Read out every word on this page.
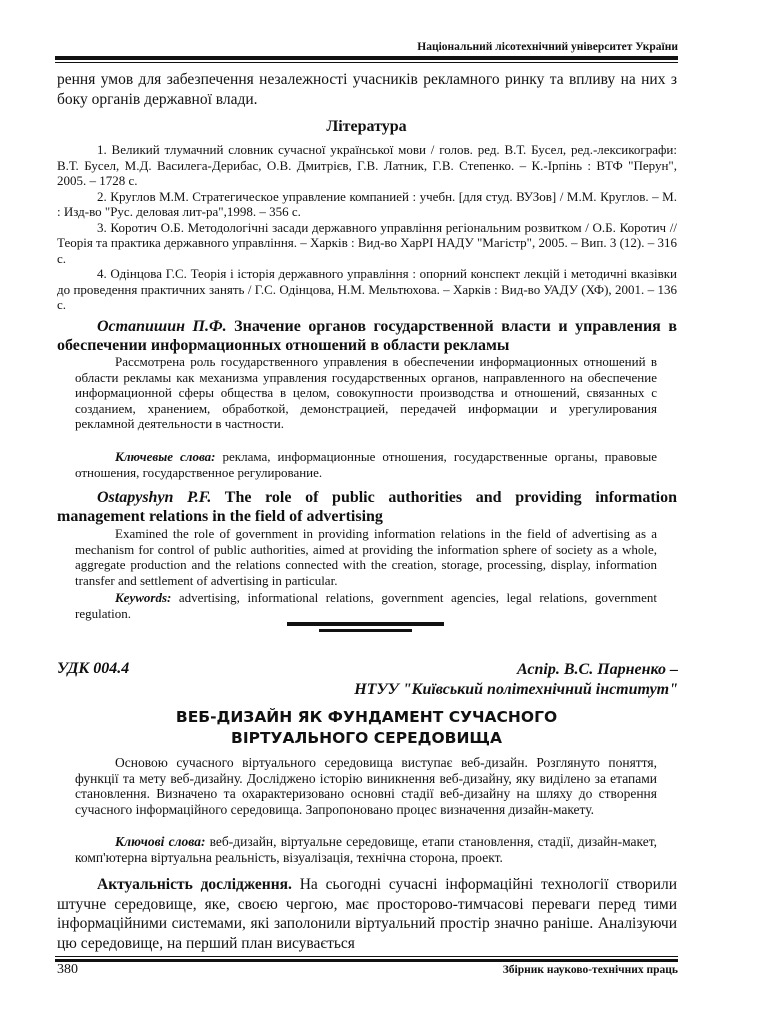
Національний лісотехнічний університет України

рення умов для забезпечення незалежності учасників рекламного ринку та впливу на них з боку органів державної влади.

Література

1. Великий тлумачний словник сучасної української мови / голов. ред. В.Т. Бусел, ред.-лексикографи: В.Т. Бусел, М.Д. Василега-Дерибас, О.В. Дмитрієв, Г.В. Латник, Г.В. Степенко. – К.-Ірпінь : ВТФ "Перун", 2005. – 1728 с.

2. Круглов М.М. Стратегическое управление компанией : учебн. [для студ. ВУЗов] / М.М. Круглов. – М. : Изд-во "Рус. деловая лит-ра",1998. – 356 с.

3. Коротич О.Б. Методологічні засади державного управління регіональним розвитком / О.Б. Коротич // Теорія та практика державного управління. – Харків : Вид-во ХарРІ НАДУ "Магістр", 2005. – Вип. 3 (12). – 316 с.

4. Одінцова Г.С. Теорія і історія державного управління : опорний конспект лекцій і методичні вказівки до проведення практичних занять / Г.С. Одінцова, Н.М. Мельтюхова. – Харків : Вид-во УАДУ (ХФ), 2001. – 136 с.

Остапишин П.Ф. Значение органов государственной власти и управления в обеспечении информационных отношений в области рекламы

Рассмотрена роль государственного управления в обеспечении информационных отношений в области рекламы как механизма управления государственных органов, направленного на обеспечение информационной сферы общества в целом, совокупности производства и отношений, связанных с созданием, хранением, обработкой, демонстрацией, передачей информации и урегулирования рекламной деятельности в частности.

Ключевые слова: реклама, информационные отношения, государственные органы, правовые отношения, государственное регулирование.

Ostapyshyn P.F. The role of public authorities and providing information management relations in the field of advertising

Examined the role of government in providing information relations in the field of advertising as a mechanism for control of public authorities, aimed at providing the information sphere of society as a whole, aggregate production and the relations connected with the creation, storage, processing, display, information transfer and settlement of advertising in particular.

Keywords: advertising, informational relations, government agencies, legal relations, government regulation.

УДК 004.4	Аспір. В.С. Парненко –
НТУУ "Київський політехнічний інститут"
ВЕБ-ДИЗАЙН ЯК ФУНДАМЕНТ СУЧАСНОГО
ВІРТУАЛЬНОГО СЕРЕДОВИЩА

Основою сучасного віртуального середовища виступає веб-дизайн. Розглянуто поняття, функції та мету веб-дизайну. Досліджено історію виникнення веб-дизайну, яку виділено за етапами становлення. Визначено та охарактеризовано основні стадії веб-дизайну на шляху до створення сучасного інформаційного середовища. Запропоновано процес визначення дизайн-макету.

Ключові слова: веб-дизайн, віртуальне середовище, етапи становлення, стадії, дизайн-макет, комп'ютерна віртуальна реальність, візуалізація, технічна сторона, проект.

Актуальність дослідження. На сьогодні сучасні інформаційні технології створили штучне середовище, яке, своєю чергою, має просторово-тимчасові переваги перед тими інформаційними системами, які заполонили віртуальний простір значно раніше. Аналізуючи цю середовище, на перший план висувається

380	Збірник науково-технічних праць
